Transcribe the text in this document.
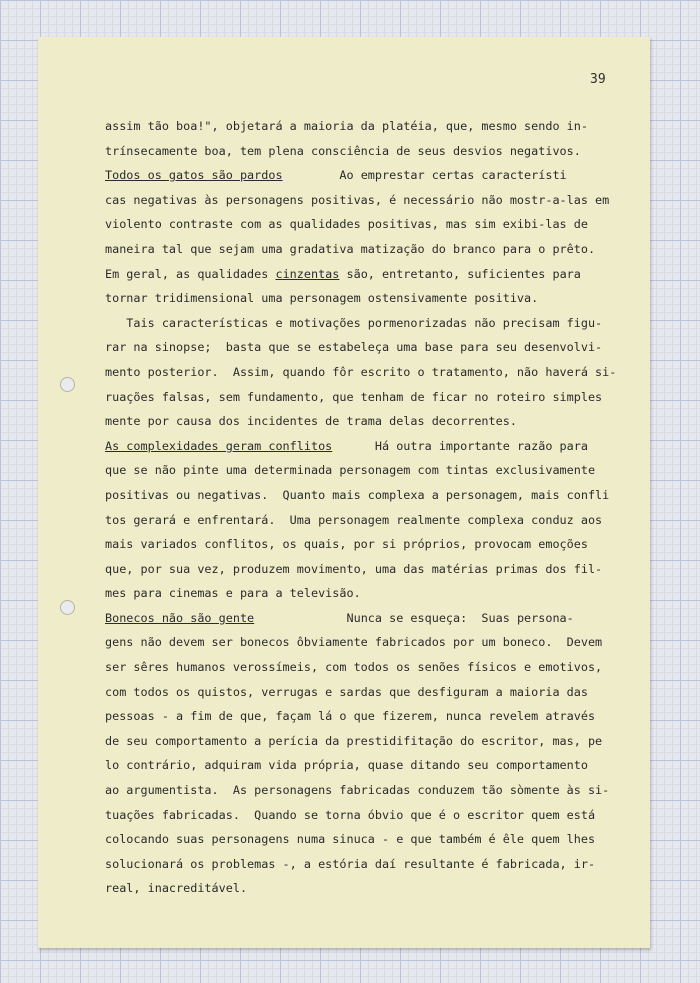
39
assim tão boa!", objetará a maioria da platéia, que, mesmo sendo in-
trínsecamente boa, tem plena consciência de seus desvios negativos.
Todos os gatos são pardos        Ao emprestar certas característi
cas negativas às personagens positivas, é necessário não mostr-a-las em
violento contraste com as qualidades positivas, mas sim exibi-las de
maneira tal que sejam uma gradativa matização do branco para o prêto.
Em geral, as qualidades cinzentas são, entretanto, suficientes para
tornar tridimensional uma personagem ostensivamente positiva.
Tais características e motivações pormenorizadas não precisam figu-
rar na sinopse;  basta que se estabeleça uma base para seu desenvolvi-
mento posterior.  Assim, quando fôr escrito o tratamento, não haverá si-
ruações falsas, sem fundamento, que tenham de ficar no roteiro simples
mente por causa dos incidentes de trama delas decorrentes.
As complexidades geram conflitos      Há outra importante razão para
que se não pinte uma determinada personagem com tintas exclusivamente
positivas ou negativas.  Quanto mais complexa a personagem, mais confli
tos gerará e enfrentará.  Uma personagem realmente complexa conduz aos
mais variados conflitos, os quais, por si próprios, provocam emoções
que, por sua vez, produzem movimento, uma das matérias primas dos fil-
mes para cinemas e para a televisão.
Bonecos não são gente             Nunca se esqueça:  Suas persona-
gens não devem ser bonecos ôbviamente fabricados por um boneco.  Devem
ser sêres humanos verossímeis, com todos os senões físicos e emotivos,
com todos os quistos, verrugas e sardas que desfiguram a maioria das
pessoas - a fim de que, façam lá o que fizerem, nunca revelem através
de seu comportamento a perícia da prestidifitação do escritor, mas, pe
lo contrário, adquiram vida própria, quase ditando seu comportamento
ao argumentista.  As personagens fabricadas conduzem tão sòmente às si-
tuações fabricadas.  Quando se torna óbvio que é o escritor quem está
colocando suas personagens numa sinuca - e que também é êle quem lhes
solucionará os problemas -, a estória daí resultante é fabricada, ir-
real, inacreditável.
